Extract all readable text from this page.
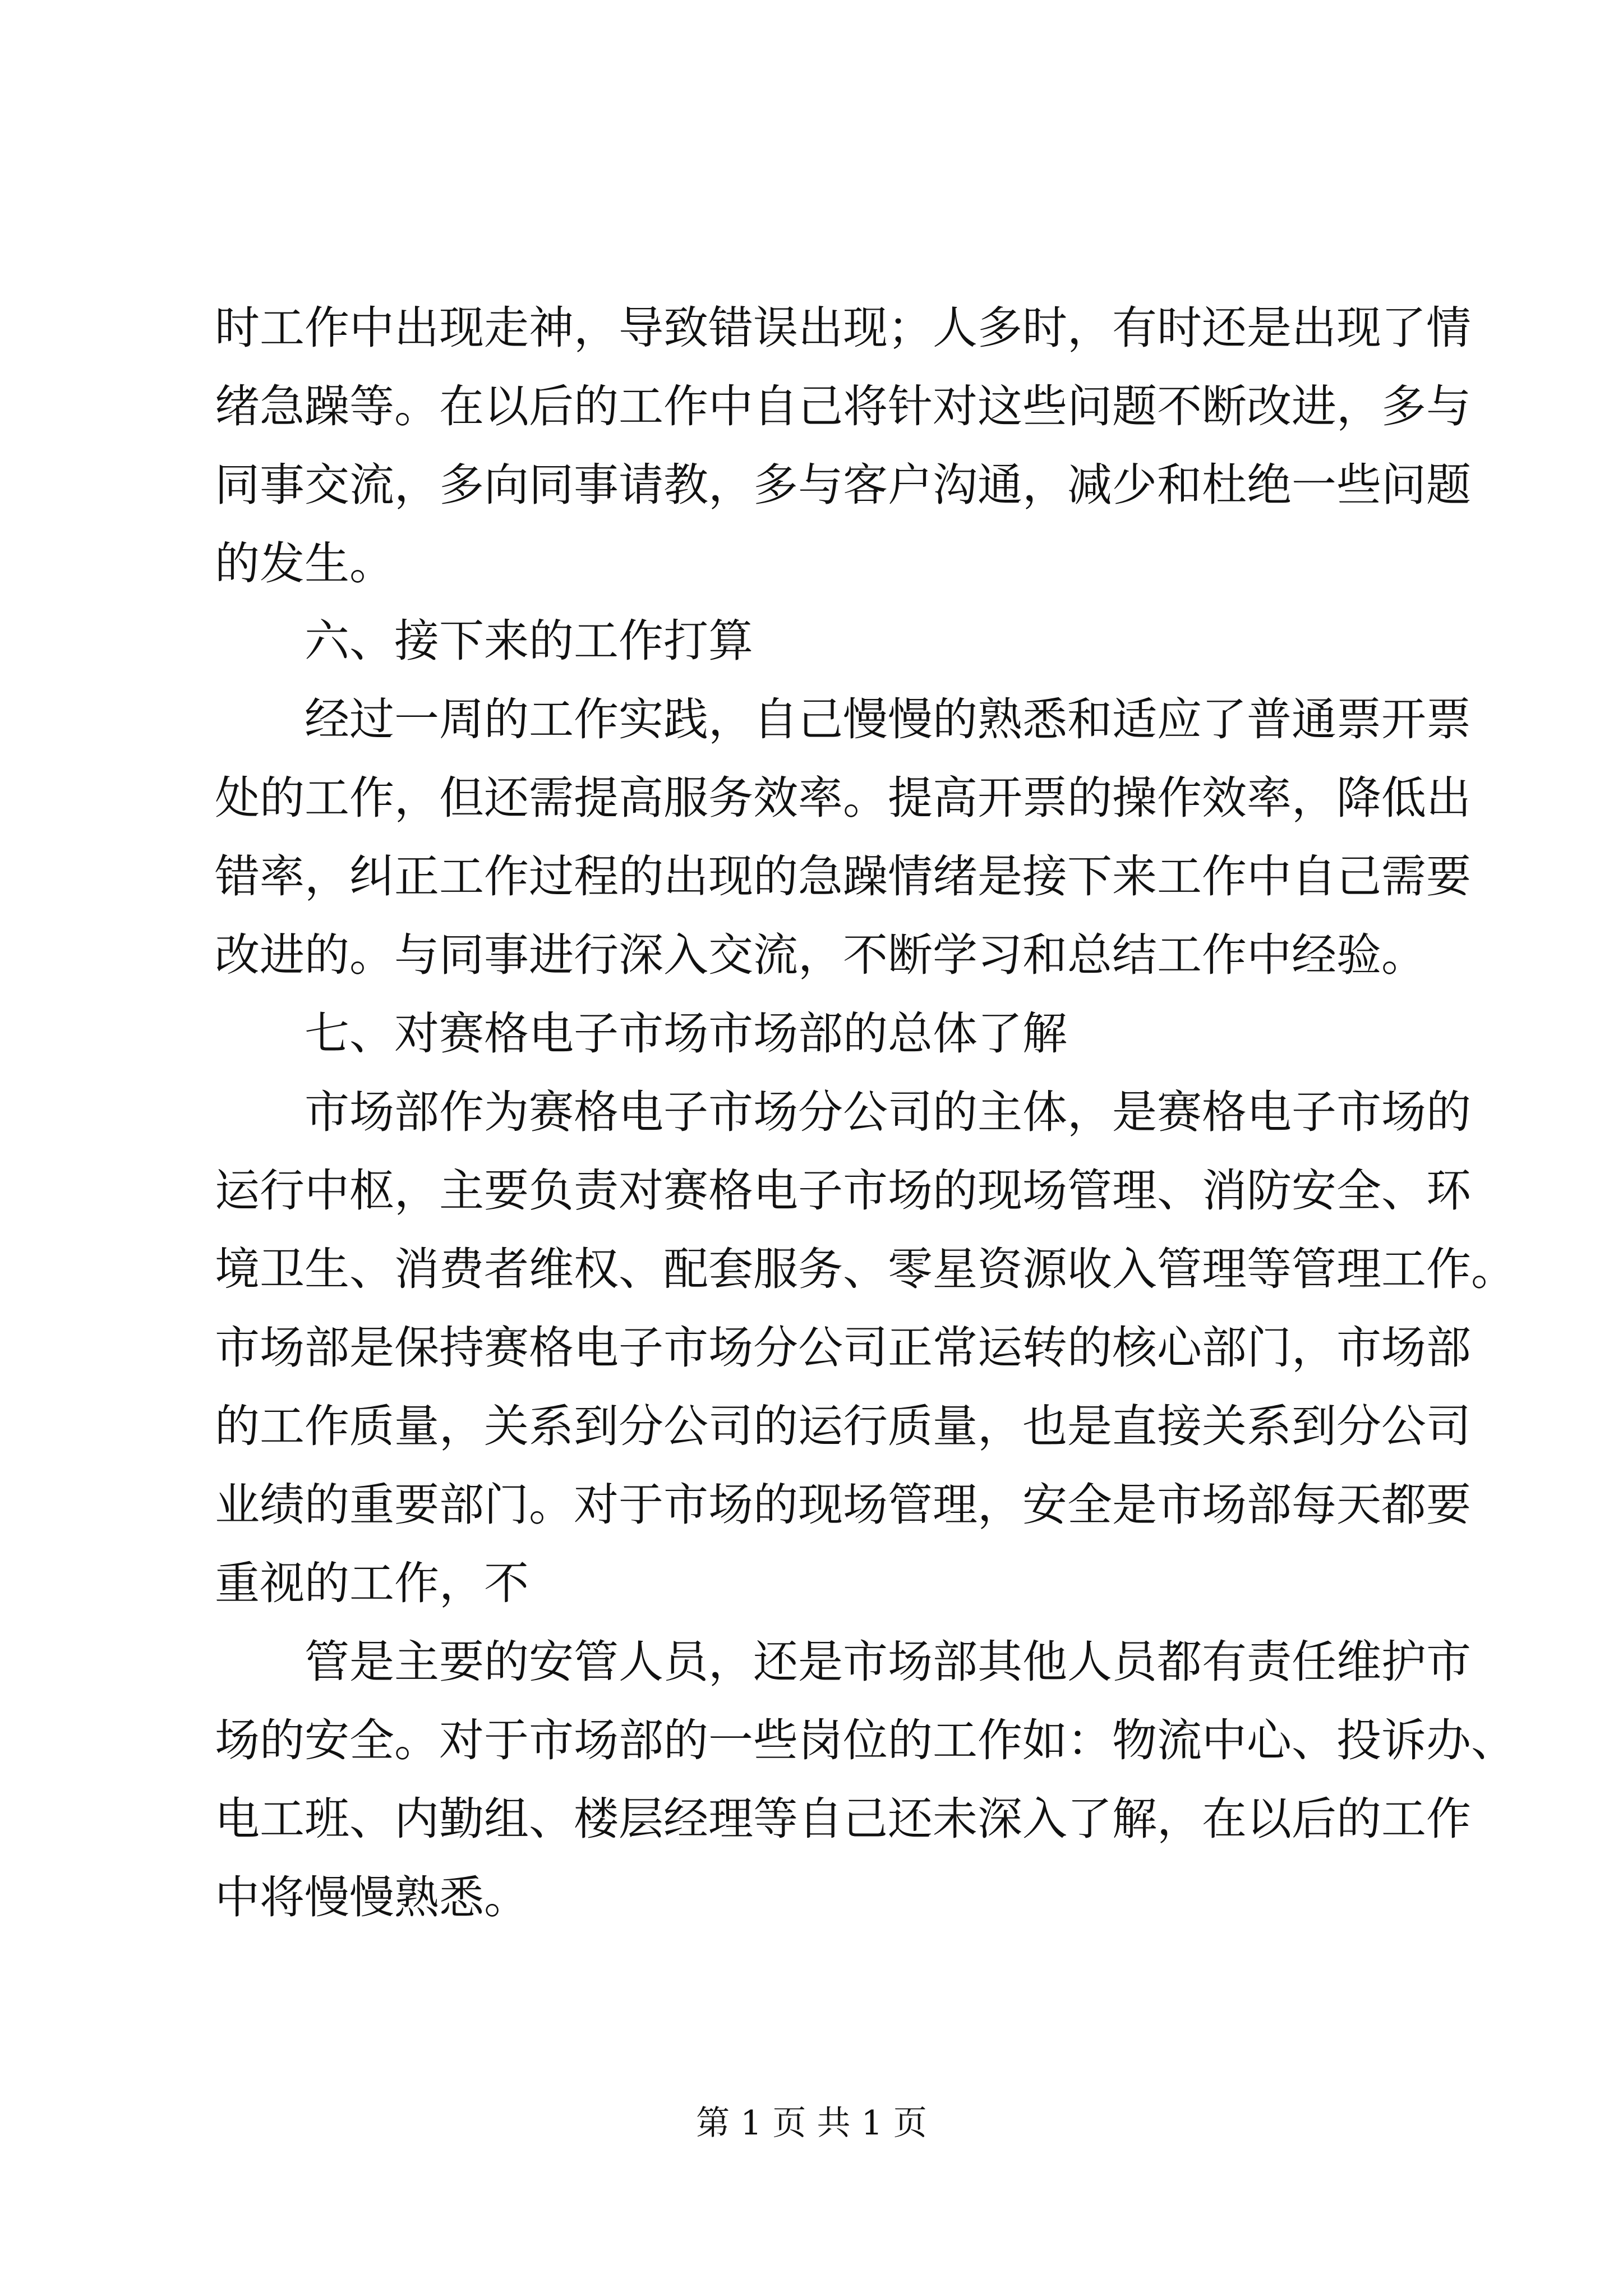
时工作中出现走神，导致错误出现；人多时，有时还是出现了情
绪急躁等。在以后的工作中自己将针对这些问题不断改进，多与
同事交流，多向同事请教，多与客户沟通，减少和杜绝一些问题
的发生。
六、接下来的工作打算
经过一周的工作实践，自己慢慢的熟悉和适应了普通票开票
处的工作，但还需提高服务效率。提高开票的操作效率，降低出
错率，纠正工作过程的出现的急躁情绪是接下来工作中自己需要
改进的。与同事进行深入交流，不断学习和总结工作中经验。
七、对赛格电子市场市场部的总体了解
市场部作为赛格电子市场分公司的主体，是赛格电子市场的
运行中枢，主要负责对赛格电子市场的现场管理、消防安全、环
境卫生、消费者维权、配套服务、零星资源收入管理等管理工作。
市场部是保持赛格电子市场分公司正常运转的核心部门，市场部
的工作质量，关系到分公司的运行质量，也是直接关系到分公司
业绩的重要部门。对于市场的现场管理，安全是市场部每天都要
重视的工作，不
管是主要的安管人员，还是市场部其他人员都有责任维护市
场的安全。对于市场部的一些岗位的工作如：物流中心、投诉办、
电工班、内勤组、楼层经理等自己还未深入了解，在以后的工作
中将慢慢熟悉。
第 1 页 共 1 页
